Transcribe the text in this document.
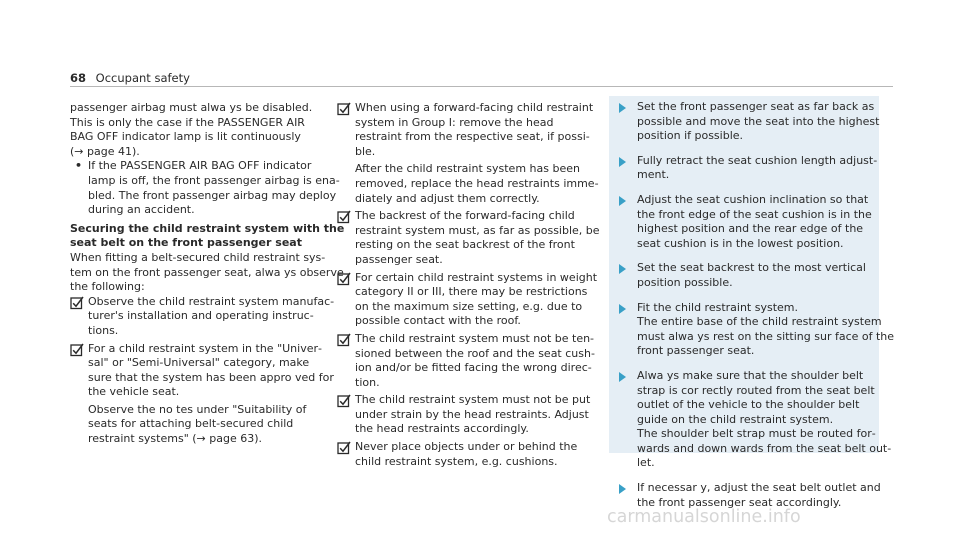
68 Occupant safety
passenger airbag must alwa ys be disabled.
This is only the case if the PASSENGER AIR
BAG OFF indicator lamp is lit continuously
(→ page 41).
• If the PASSENGER AIR BAG OFF indicator
lamp is off, the front passenger airbag is ena‐
bled. The front passenger airbag may deploy
during an accident.
Securing the child restraint system with the
seat belt on the front passenger seat
When fitting a belt-secured child restraint sys‐
tem on the front passenger seat, alwa ys observe
the following:
Observe the child restraint system manufac‐
turer's installation and operating instruc‐
tions.
For a child restraint system in the "Univer‐
sal" or "Semi-Universal" category, make
sure that the system has been appro ved for
the vehicle seat.
Observe the no tes under "Suitability of
seats for attaching belt-secured child
restraint systems" (→ page 63).
When using a forward-facing child restraint
system in Group I: remove the head
restraint from the respective seat, if possi‐
ble.
After the child restraint system has been
removed, replace the head restraints imme‐
diately and adjust them correctly.
The backrest of the forward-facing child
restraint system must, as far as possible, be
resting on the seat backrest of the front
passenger seat.
For certain child restraint systems in weight
category II or III, there may be restrictions
on the maximum size setting, e.g. due to
possible contact with the roof.
The child restraint system must not be ten‐
sioned between the roof and the seat cush‐
ion and/or be fitted facing the wrong direc‐
tion.
The child restraint system must not be put
under strain by the head restraints. Adjust
the head restraints accordingly.
Never place objects under or behind the
child restraint system, e.g. cushions.
Set the front passenger seat as far back as
possible and move the seat into the highest
position if possible.
Fully retract the seat cushion length adjust‐
ment.
Adjust the seat cushion inclination so that
the front edge of the seat cushion is in the
highest position and the rear edge of the
seat cushion is in the lowest position.
Set the seat backrest to the most vertical
position possible.
Fit the child restraint system.
The entire base of the child restraint system
must alwa ys rest on the sitting sur face of the
front passenger seat.
Alwa ys make sure that the shoulder belt
strap is cor rectly routed from the seat belt
outlet of the vehicle to the shoulder belt
guide on the child restraint system.
The shoulder belt strap must be routed for‐
wards and down wards from the seat belt out‐
let.
If necessar y, adjust the seat belt outlet and
the front passenger seat accordingly.
carmanualsonline.info
